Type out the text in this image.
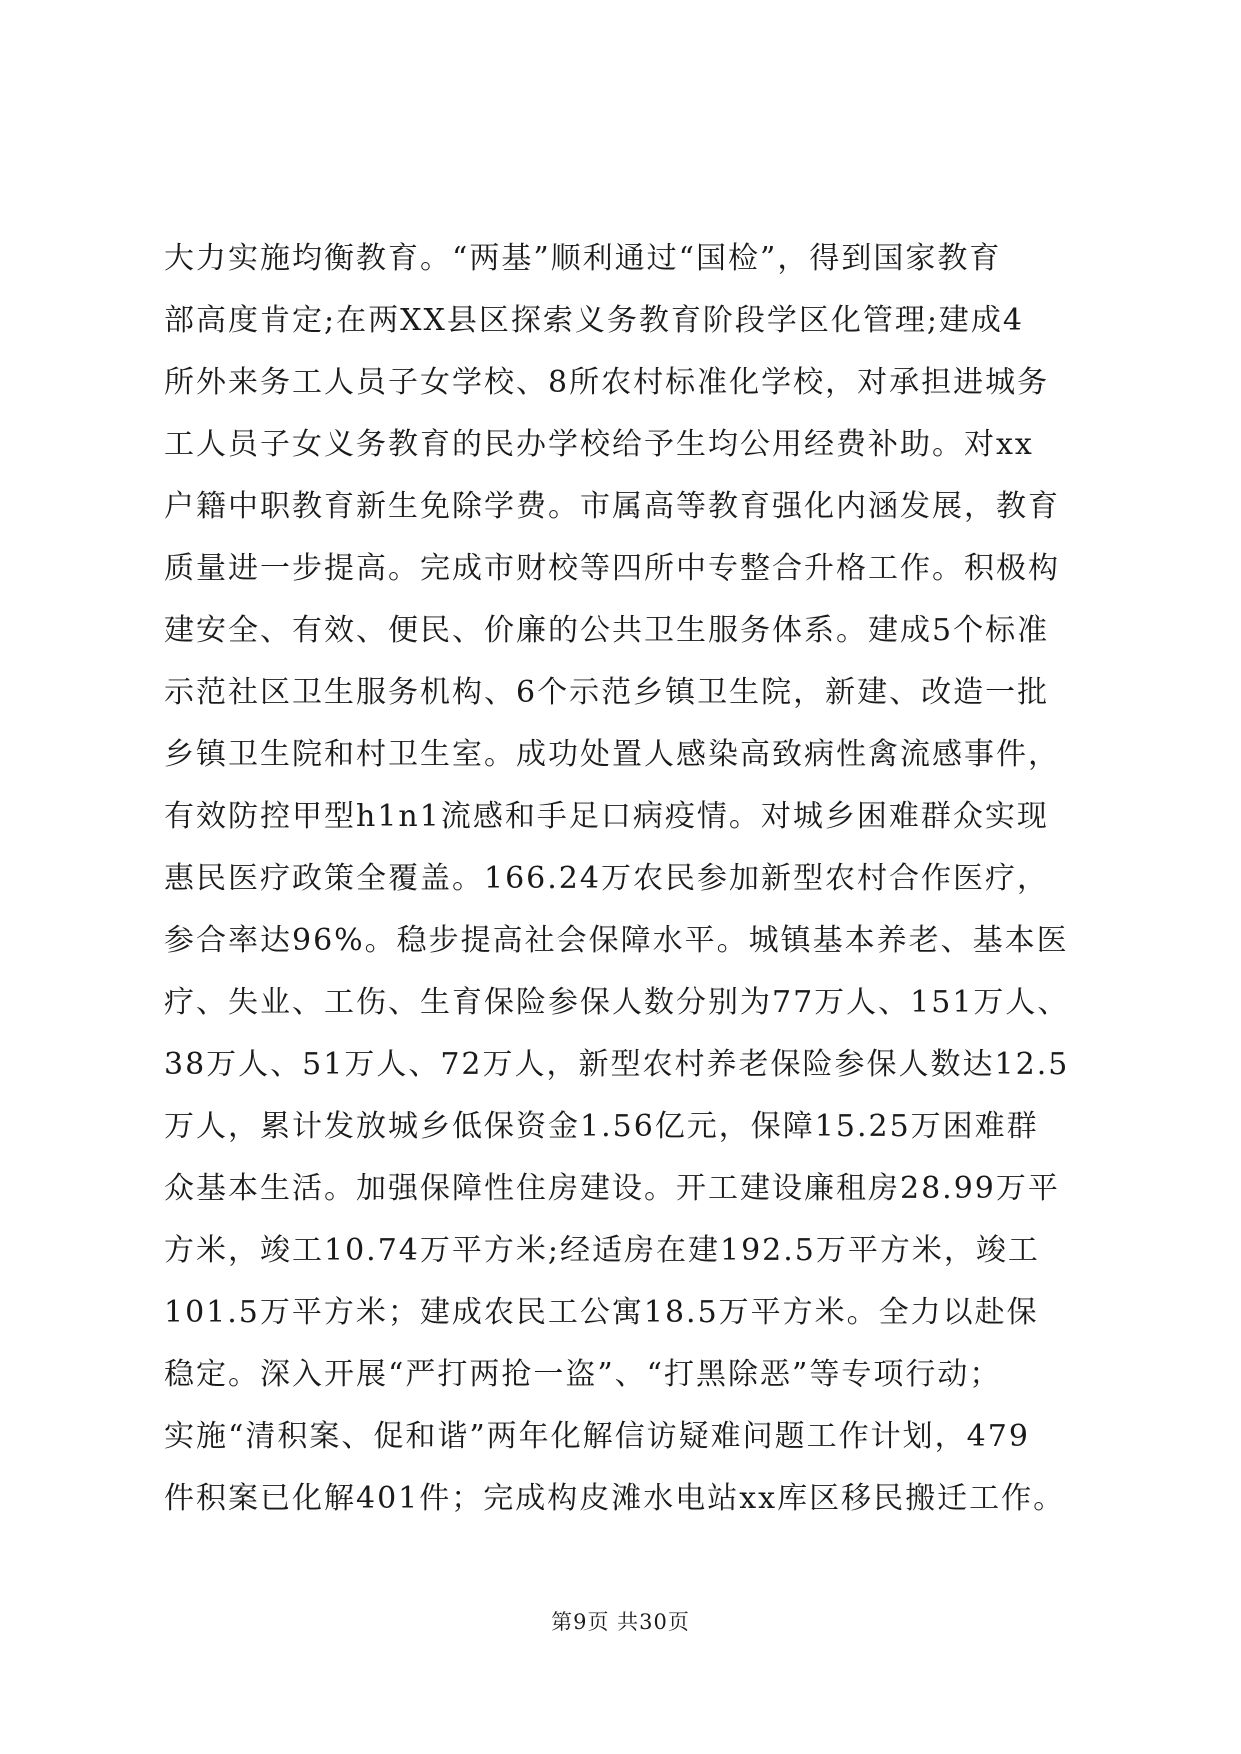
大力实施均衡教育。“两基”顺利通过“国检”，得到国家教育
部高度肯定;在两XX县区探索义务教育阶段学区化管理;建成4
所外来务工人员子女学校、8所农村标准化学校，对承担进城务
工人员子女义务教育的民办学校给予生均公用经费补助。对xx
户籍中职教育新生免除学费。市属高等教育强化内涵发展，教育
质量进一步提高。完成市财校等四所中专整合升格工作。积极构
建安全、有效、便民、价廉的公共卫生服务体系。建成5个标准
示范社区卫生服务机构、6个示范乡镇卫生院，新建、改造一批
乡镇卫生院和村卫生室。成功处置人感染高致病性禽流感事件，
有效防控甲型h1n1流感和手足口病疫情。对城乡困难群众实现
惠民医疗政策全覆盖。166.24万农民参加新型农村合作医疗，
参合率达96%。稳步提高社会保障水平。城镇基本养老、基本医
疗、失业、工伤、生育保险参保人数分别为77万人、151万人、
38万人、51万人、72万人，新型农村养老保险参保人数达12.5
万人，累计发放城乡低保资金1.56亿元，保障15.25万困难群
众基本生活。加强保障性住房建设。开工建设廉租房28.99万平
方米，竣工10.74万平方米;经适房在建192.5万平方米，竣工
101.5万平方米；建成农民工公寓18.5万平方米。全力以赴保
稳定。深入开展“严打两抢一盗”、“打黑除恶”等专项行动；
实施“清积案、促和谐”两年化解信访疑难问题工作计划，479
件积案已化解401件；完成构皮滩水电站xx库区移民搬迁工作。
第9页 共30页
